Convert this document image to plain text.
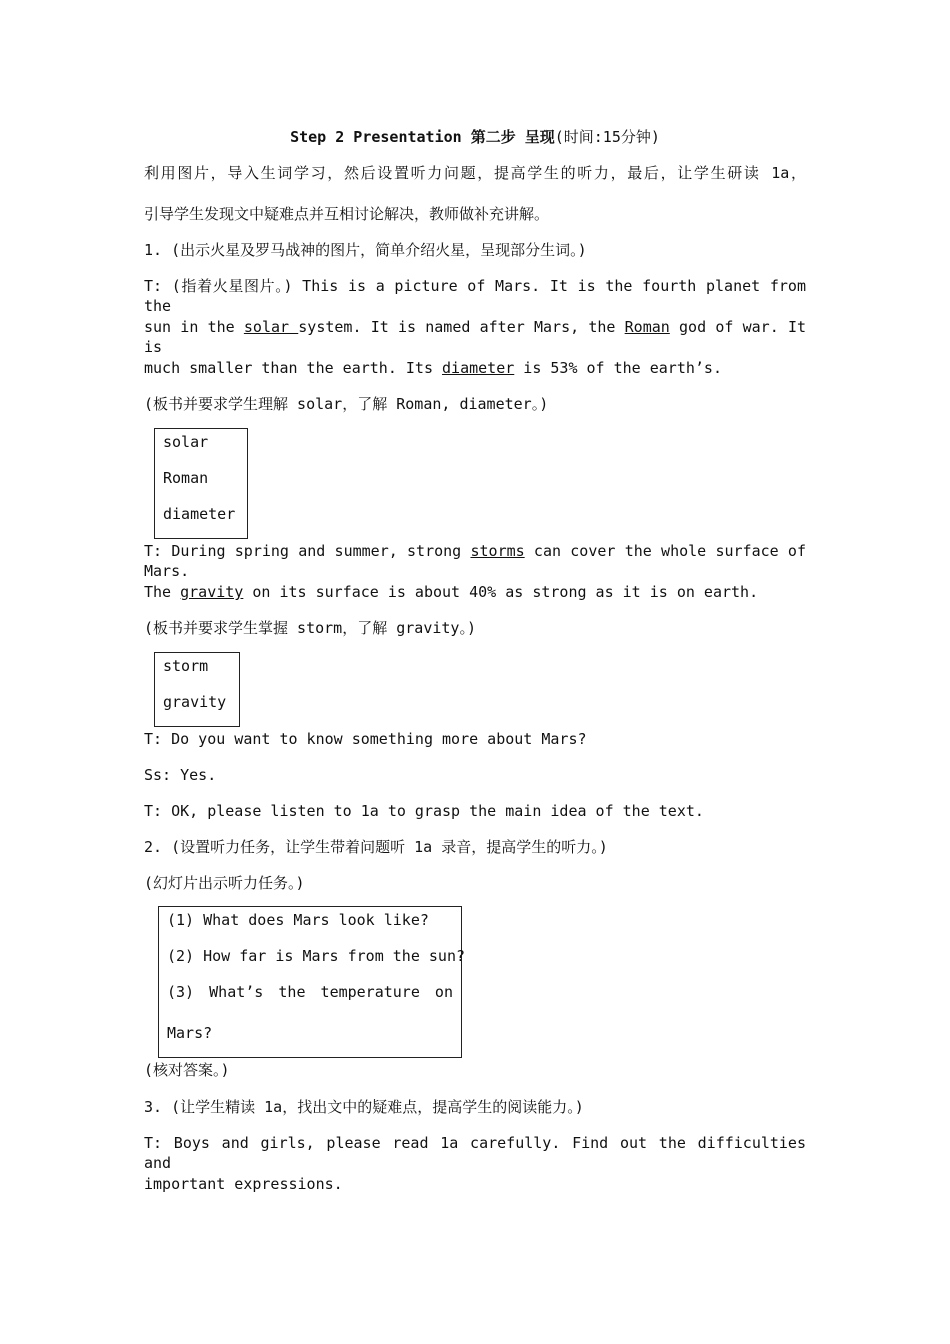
Step 2 Presentation 第二步 呈现(时间:15分钟)
利用图片，导入生词学习，然后设置听力问题，提高学生的听力，最后，让学生研读 1a，
引导学生发现文中疑难点并互相讨论解决，教师做补充讲解。
1. (出示火星及罗马战神的图片，简单介绍火星，呈现部分生词。)
T: (指着火星图片。) This is a picture of Mars. It is the fourth planet from the
sun in the solar system. It is named after Mars, the Roman god of war. It is
much smaller than the earth. Its diameter is 53% of the earth’s.
(板书并要求学生理解 solar，了解 Roman, diameter。)
solar
Roman
diameter
T: During spring and summer, strong storms can cover the whole surface of Mars.
The gravity on its surface is about 40% as strong as it is on earth.
(板书并要求学生掌握 storm，了解 gravity。)
storm
gravity
T: Do you want to know something more about Mars?
Ss: Yes.
T: OK, please listen to 1a to grasp the main idea of the text.
2. (设置听力任务，让学生带着问题听 1a 录音，提高学生的听力。)
(幻灯片出示听力任务。)
(1) What does Mars look like?
(2) How far is Mars from the sun?
(3) What’s the temperature on
Mars?
(核对答案。)
3. (让学生精读 1a，找出文中的疑难点，提高学生的阅读能力。)
T: Boys and girls, please read 1a carefully. Find out the difficulties and
important expressions.
